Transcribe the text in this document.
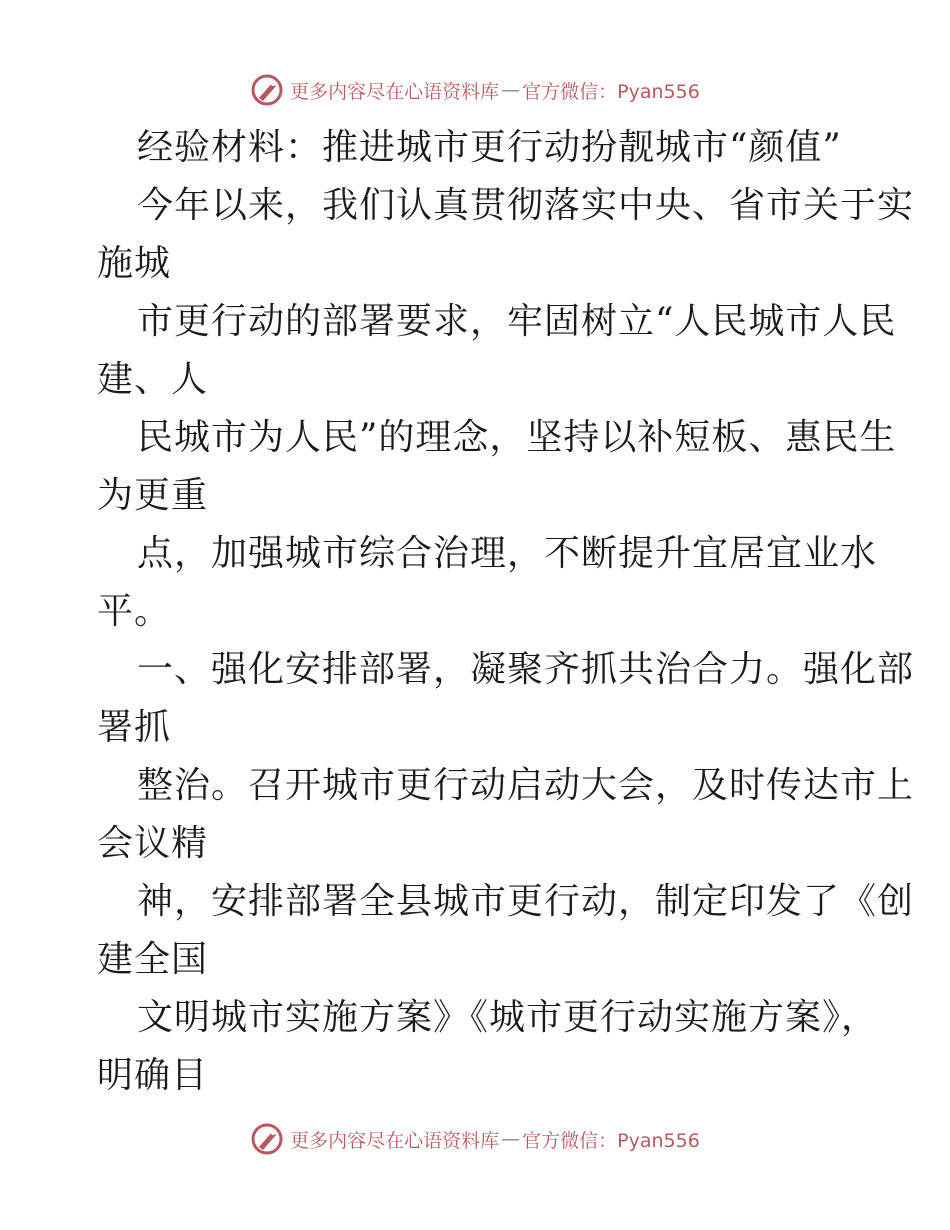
更多内容尽在心语资料库 — 官方微信：Pyan556
经验材料：推进城市更行动扮靓城市“颜值”
今年以来，我们认真贯彻落实中央、省市关于实
施城
市更行动的部署要求，牢固树立“人民城市人民
建、人
民城市为人民”的理念，坚持以补短板、惠民生
为更重
点，加强城市综合治理，不断提升宜居宜业水
平。
一、强化安排部署，凝聚齐抓共治合力。强化部
署抓
整治。召开城市更行动启动大会，及时传达市上
会议精
神，安排部署全县城市更行动，制定印发了《创
建全国
文明城市实施方案》《城市更行动实施方案》，
明确目
更多内容尽在心语资料库 — 官方微信：Pyan556
